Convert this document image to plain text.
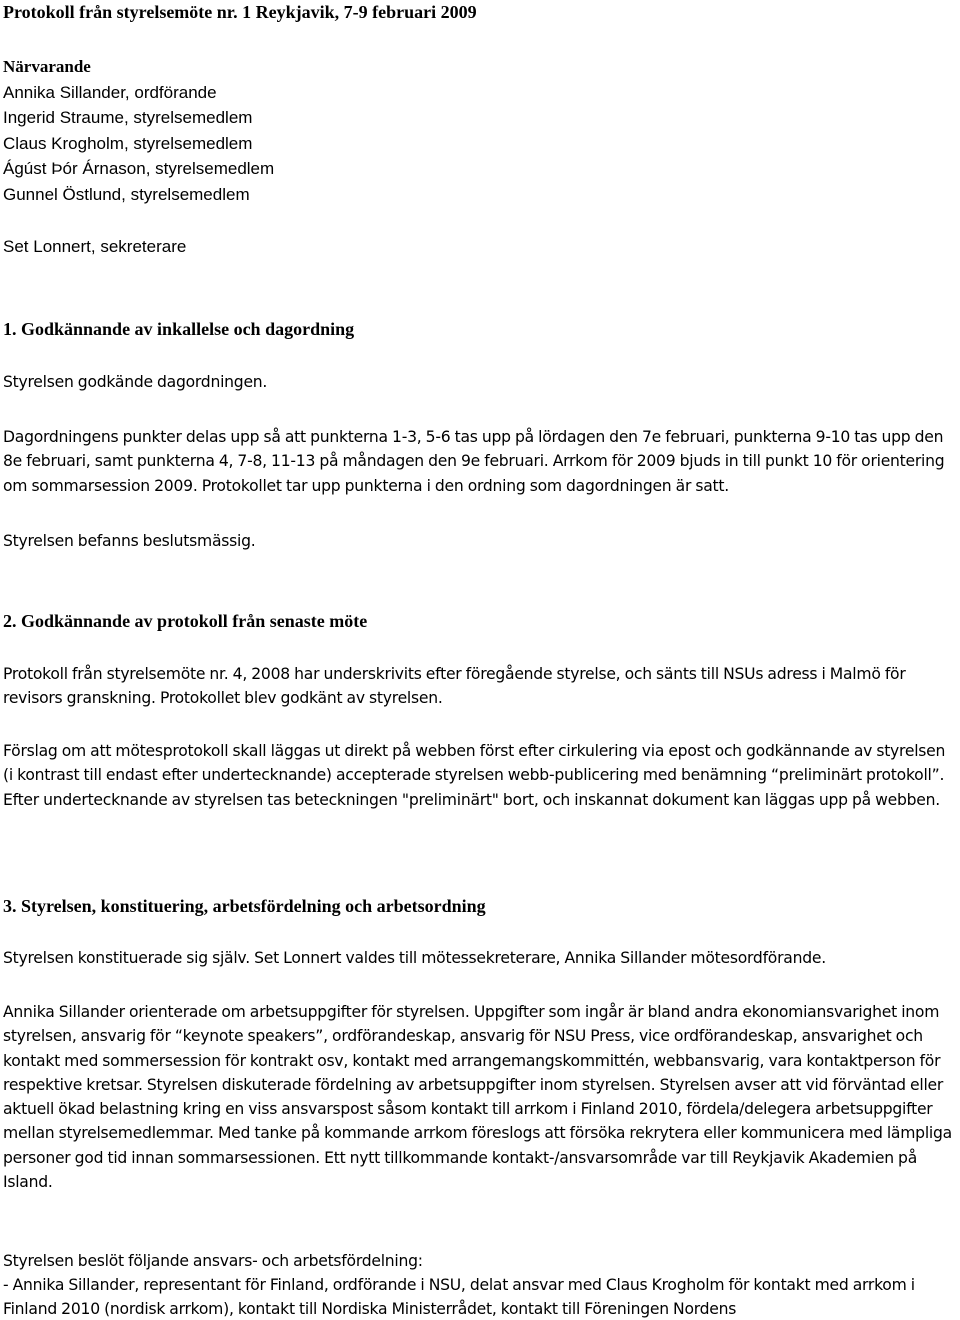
Protokoll från styrelsemöte nr. 1 Reykjavik, 7-9 februari 2009
Närvarande
Annika Sillander, ordförande
Ingerid Straume, styrelsemedlem
Claus Krogholm, styrelsemedlem
Ágúst Þór Árnason, styrelsemedlem
Gunnel Östlund, styrelsemedlem
Set Lonnert, sekreterare
1. Godkännande av inkallelse och dagordning
Styrelsen godkände dagordningen.
Dagordningens punkter delas upp så att punkterna 1-3, 5-6 tas upp på lördagen den 7e februari, punkterna 9-10 tas upp den 8e februari, samt punkterna 4, 7-8, 11-13 på måndagen den 9e februari. Arrkom för 2009 bjuds in till punkt 10 för orientering om sommarsession 2009. Protokollet tar upp punkterna i den ordning som dagordningen är satt.
Styrelsen befanns beslutsmässig.
2. Godkännande av protokoll från senaste möte
Protokoll från styrelsemöte nr. 4, 2008 har underskrivits efter föregående styrelse, och sänts till NSUs adress i Malmö för revisors granskning. Protokollet blev godkänt av styrelsen.
Förslag om att mötesprotokoll skall läggas ut direkt på webben först efter cirkulering via epost och godkännande av styrelsen (i kontrast till endast efter undertecknande) accepterade styrelsen webb-publicering med benämning “preliminärt protokoll”. Efter undertecknande av styrelsen tas beteckningen "preliminärt" bort, och inskannat dokument kan läggas upp på webben.
3. Styrelsen, konstituering, arbetsfördelning och arbetsordning
Styrelsen konstituerade sig själv. Set Lonnert valdes till mötessekreterare, Annika Sillander mötesordförande.
Annika Sillander orienterade om arbetsuppgifter för styrelsen. Uppgifter som ingår är bland andra ekonomiansvarighet inom styrelsen, ansvarig för “keynote speakers”, ordförandeskap, ansvarig för NSU Press, vice ordförandeskap, ansvarighet och kontakt med sommersession för kontrakt osv, kontakt med arrangemangskommittén, webbansvarig, vara kontaktperson för respektive kretsar. Styrelsen diskuterade fördelning av arbetsuppgifter inom styrelsen. Styrelsen avser att vid förväntad eller aktuell ökad belastning kring en viss ansvarspost såsom kontakt till arrkom i Finland 2010, fördela/delegera arbetsuppgifter mellan styrelsemedlemmar. Med tanke på kommande arrkom föreslogs att försöka rekrytera eller kommunicera med lämpliga personer god tid innan sommarsessionen. Ett nytt tillkommande kontakt-/ansvarsområde var till Reykjavik Akademien på Island.
Styrelsen beslöt följande ansvars- och arbetsfördelning:
- Annika Sillander, representant för Finland, ordförande i NSU, delat ansvar med Claus Krogholm för kontakt med arrkom i Finland 2010 (nordisk arrkom), kontakt till Nordiska Ministerrådet, kontakt till Föreningen Nordens
